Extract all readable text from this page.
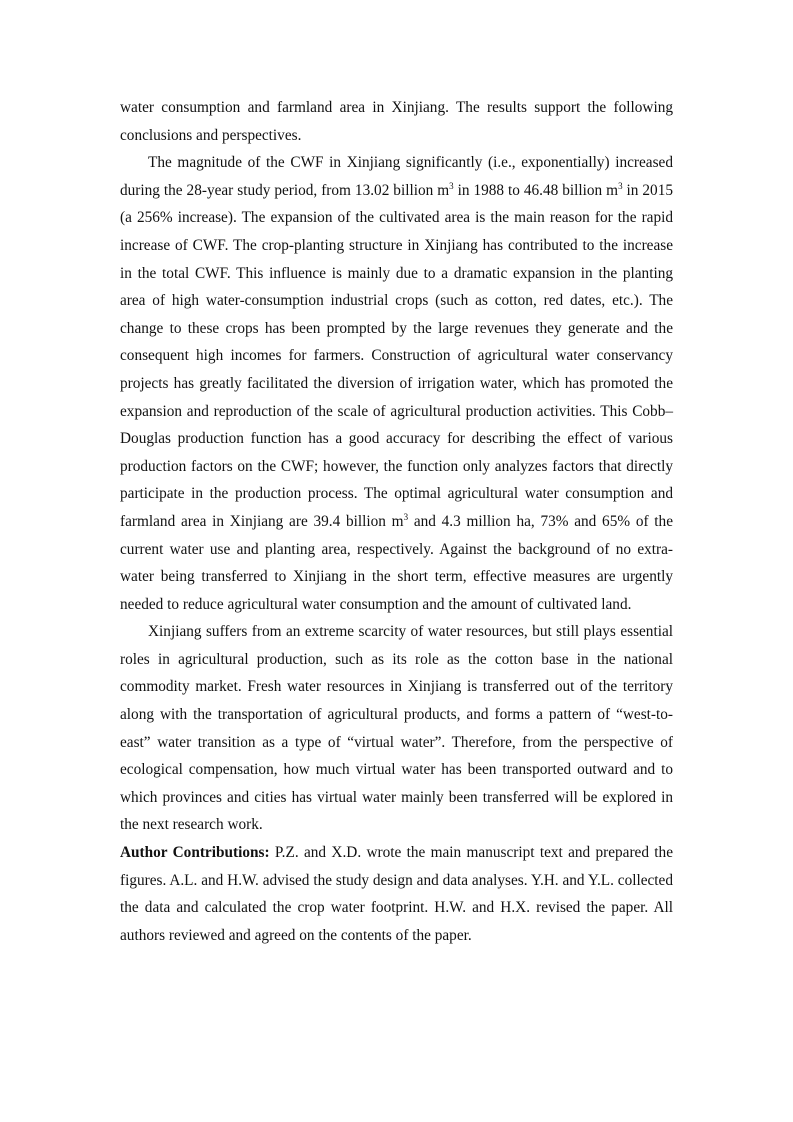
water consumption and farmland area in Xinjiang. The results support the following conclusions and perspectives.

The magnitude of the CWF in Xinjiang significantly (i.e., exponentially) increased during the 28-year study period, from 13.02 billion $m^3$ in 1988 to 46.48 billion $m^3$ in 2015 (a 256% increase). The expansion of the cultivated area is the main reason for the rapid increase of CWF. The crop-planting structure in Xinjiang has contributed to the increase in the total CWF. This influence is mainly due to a dramatic expansion in the planting area of high water-consumption industrial crops (such as cotton, red dates, etc.). The change to these crops has been prompted by the large revenues they generate and the consequent high incomes for farmers. Construction of agricultural water conservancy projects has greatly facilitated the diversion of irrigation water, which has promoted the expansion and reproduction of the scale of agricultural production activities. This Cobb–Douglas production function has a good accuracy for describing the effect of various production factors on the CWF; however, the function only analyzes factors that directly participate in the production process. The optimal agricultural water consumption and farmland area in Xinjiang are 39.4 billion $m^3$ and 4.3 million ha, 73% and 65% of the current water use and planting area, respectively. Against the background of no extra-water being transferred to Xinjiang in the short term, effective measures are urgently needed to reduce agricultural water consumption and the amount of cultivated land.

Xinjiang suffers from an extreme scarcity of water resources, but still plays essential roles in agricultural production, such as its role as the cotton base in the national commodity market. Fresh water resources in Xinjiang is transferred out of the territory along with the transportation of agricultural products, and forms a pattern of “west-to-east” water transition as a type of “virtual water”. Therefore, from the perspective of ecological compensation, how much virtual water has been transported outward and to which provinces and cities has virtual water mainly been transferred will be explored in the next research work.

Author Contributions: P.Z. and X.D. wrote the main manuscript text and prepared the figures. A.L. and H.W. advised the study design and data analyses. Y.H. and Y.L. collected the data and calculated the crop water footprint. H.W. and H.X. revised the paper. All authors reviewed and agreed on the contents of the paper.
